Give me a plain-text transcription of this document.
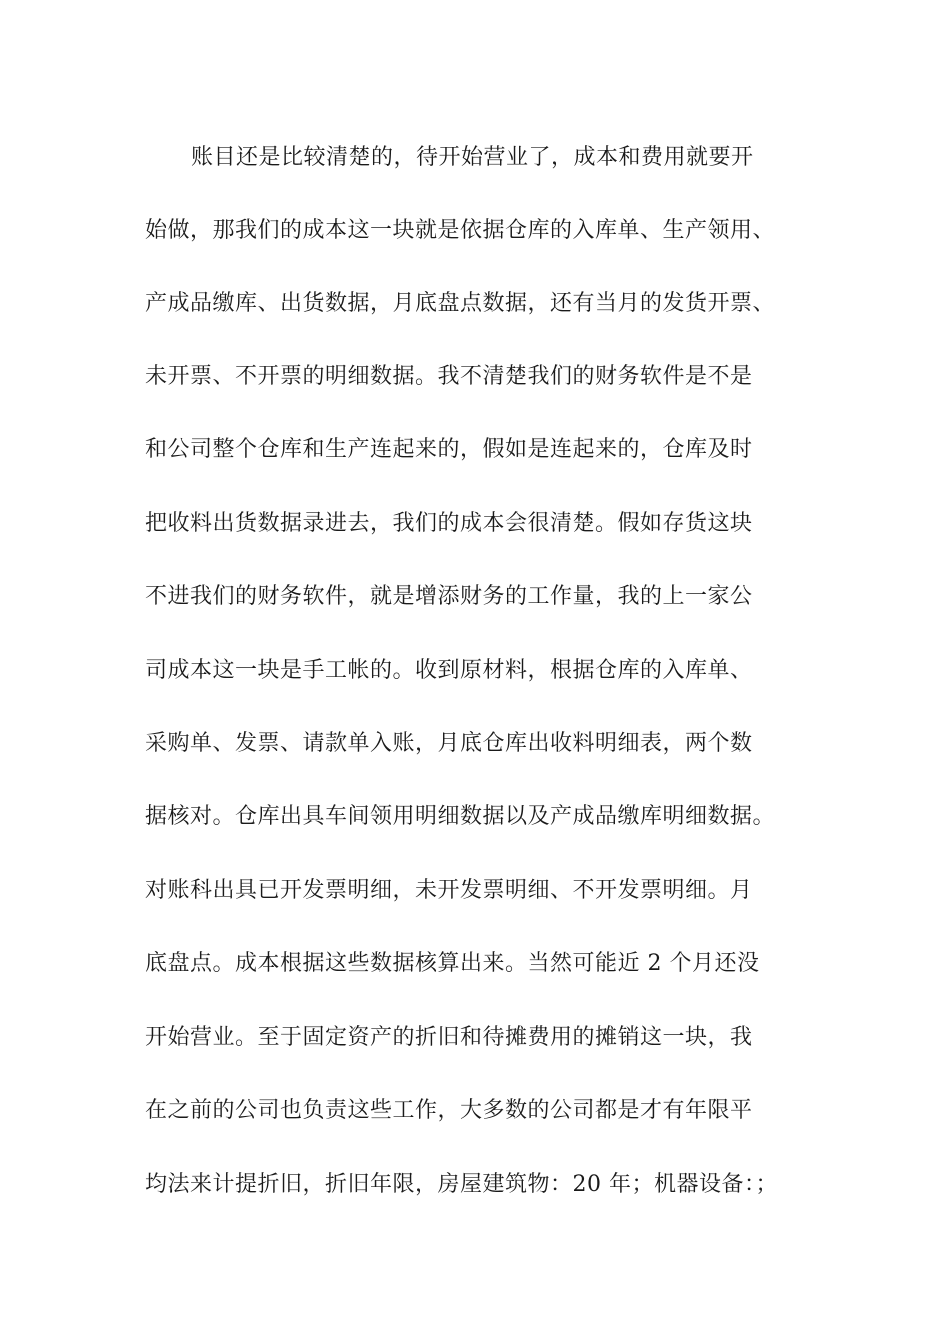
账目还是比较清楚的，待开始营业了，成本和费用就要开
始做，那我们的成本这一块就是依据仓库的入库单、生产领用、
产成品缴库、出货数据，月底盘点数据，还有当月的发货开票、
未开票、不开票的明细数据。我不清楚我们的财务软件是不是
和公司整个仓库和生产连起来的，假如是连起来的，仓库及时
把收料出货数据录进去，我们的成本会很清楚。假如存货这块
不进我们的财务软件，就是增添财务的工作量，我的上一家公
司成本这一块是手工帐的。收到原材料，根据仓库的入库单、
采购单、发票、请款单入账，月底仓库出收料明细表，两个数
据核对。仓库出具车间领用明细数据以及产成品缴库明细数据。
对账科出具已开发票明细，未开发票明细、不开发票明细。月
底盘点。成本根据这些数据核算出来。当然可能近 2 个月还没
开始营业。至于固定资产的折旧和待摊费用的摊销这一块，我
在之前的公司也负责这些工作，大多数的公司都是才有年限平
均法来计提折旧，折旧年限，房屋建筑物：20 年；机器设备：；
